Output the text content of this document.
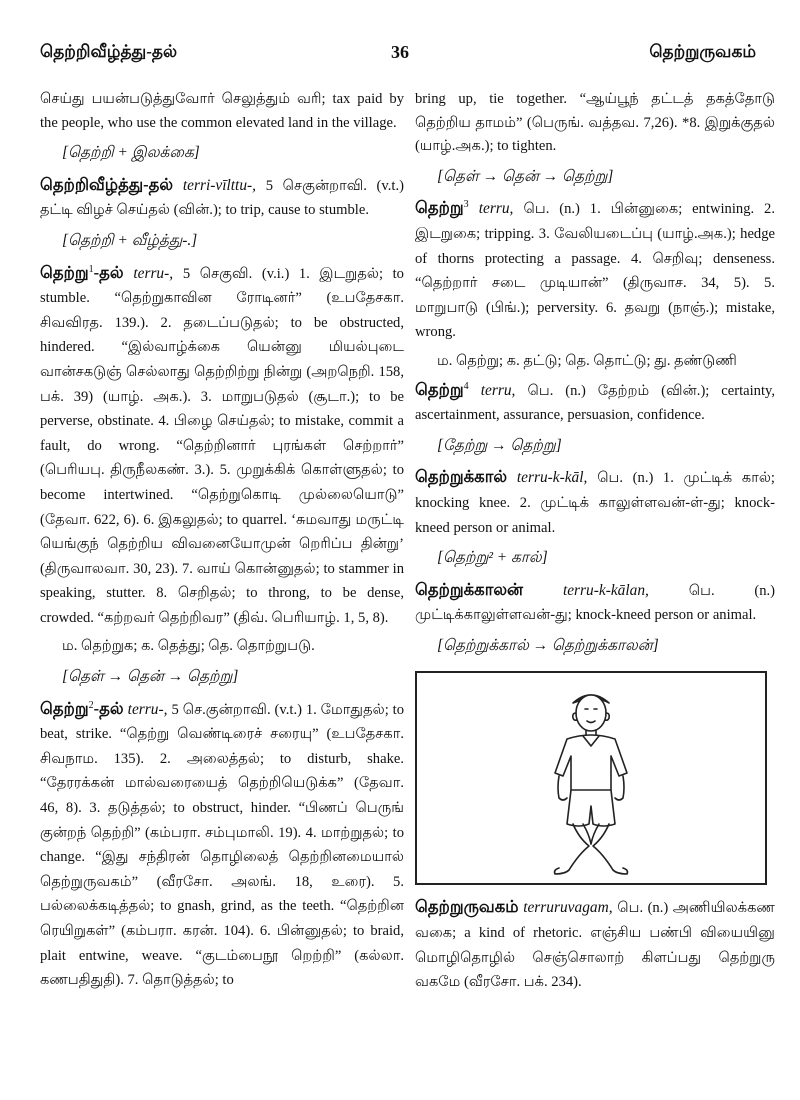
தெற்றிவீழ்த்து-தல்	36	தெற்றுருவகம்

செய்து பயன்படுத்துவோர் செலுத்தும் வரி; tax paid by the people, who use the common elevated land in the village.

[தெற்றி + இலக்கை]

தெற்றிவீழ்த்து-தல் terri-vīlttu-, 5 செகுன்றாவி. (v.t.) தட்டி விழச் செய்தல் (வின்.); to trip, cause to stumble.

[தெற்றி + வீழ்த்து-.]

தெற்று$^1$-தல் terru-, 5 செகுவி. (v.i.) 1. இடறுதல்; to stumble. “தெற்றுகாவின ரோடினர்” (உபதேசகா. சிவவிரத. 139.). 2. தடைப்படுதல்; to be obstructed, hindered. “இல்வாழ்க்கை யென்னு மியல்புடை வான்சகடுஞ் செல்லாது தெற்றிற்று நின்று (அறநெறி. 158, பக். 39) (யாழ். அக.). 3. மாறுபடுதல் (சூடா.); to be perverse, obstinate. 4. பிழை செய்தல்; to mistake, commit a fault, do wrong. “தெற்றினார் புரங்கள் செற்றார்” (பெரியபு. திருநீலகண். 3.). 5. முறுக்கிக் கொள்ளுதல்; to become intertwined. “தெற்றுகொடி முல்லையொடு” (தேவா. 622, 6). 6. இகலுதல்; to quarrel. ‘சுமவாது மருட்டி யெங்குந் தெற்றிய விவனையோமுன் றெரிப்ப தின்று’ (திருவாலவா. 30, 23). 7. வாய் கொன்னுதல்; to stammer in speaking, stutter. 8. செறிதல்; to throng, to be dense, crowded. “கற்றவர் தெற்றிவர” (திவ். பெரியாழ். 1, 5, 8).

ம. தெற்றுக; க. தெத்து; தெ. தொற்றுபடு.

[தெள் → தென் → தெற்று]

தெற்று$^2$-தல் terru-, 5 செ.குன்றாவி. (v.t.) 1. மோதுதல்; to beat, strike. “தெற்று வெண்டிரைச் சரையு” (உபதேசகா. சிவநாம. 135). 2. அலைத்தல்; to disturb, shake. “தேரரக்கன் மால்வரையைத் தெற்றியெடுக்க” (தேவா. 46, 8). 3. தடுத்தல்; to obstruct, hinder. “பிணப் பெருங் குன்றந் தெற்றி” (கம்பரா. சம்புமாலி. 19). 4. மாற்றுதல்; to change. “இது சந்திரன் தொழிலைத் தெற்றினமையால் தெற்றுருவகம்” (வீரசோ. அலங். 18, உரை). 5. பல்லைக்கடித்தல்; to gnash, grind, as the teeth. “தெற்றின ரெயிறுகள்” (கம்பரா. கரன். 104). 6. பின்னுதல்; to braid, plait entwine, weave. “குடம்பைநூ றெற்றி” (கல்லா. கணபதிதுதி). 7. தொடுத்தல்; to

bring up, tie together. “ஆய்பூந் தட்டத் தகத்தோடு தெற்றிய தாமம்” (பெருங். வத்தவ. 7,26). *8. இறுக்குதல் (யாழ்.அக.); to tighten.

[தெள் → தென் → தெற்று]

தெற்று$^3$ terru, பெ. (n.) 1. பின்னுகை; entwining. 2. இடறுகை; tripping. 3. வேலியடைப்பு (யாழ்.அக.); hedge of thorns protecting a passage. 4. செறிவு; denseness. “தெற்றார் சடை முடியான்” (திருவாச. 34, 5). 5. மாறுபாடு (பிங்.); perversity. 6. தவறு (நாஞ்.); mistake, wrong.

ம. தெற்று; க. தட்டு; தெ. தொட்டு; து. தண்டுணி

தெற்று$^4$ terru, பெ. (n.) தேற்றம் (வின்.); certainty, ascertainment, assurance, persuasion, confidence.

[தேற்று → தெற்று]

தெற்றுக்கால் terru-k-kāl, பெ. (n.) 1. முட்டிக் கால்; knocking knee. 2. முட்டிக் காலுள்ளவன்-ள்-து; knock-kneed person or animal.

[தெற்று² + கால்]

தெற்றுக்காலன்	terru-k-kālan,	பெ. (n.) முட்டிக்காலுள்ளவன்-து; knock-kneed person or animal.

[தெற்றுக்கால் → தெற்றுக்காலன்]

தெற்றுருவகம் terruruvagam, பெ. (n.) அணியிலக்கண வகை; a kind of rhetoric. எஞ்சிய பண்பி வியையினு மொழிதொழில் செஞ்சொலாற் கிளப்பது தெற்றுரு வகமே (வீரசோ. பக். 234).
